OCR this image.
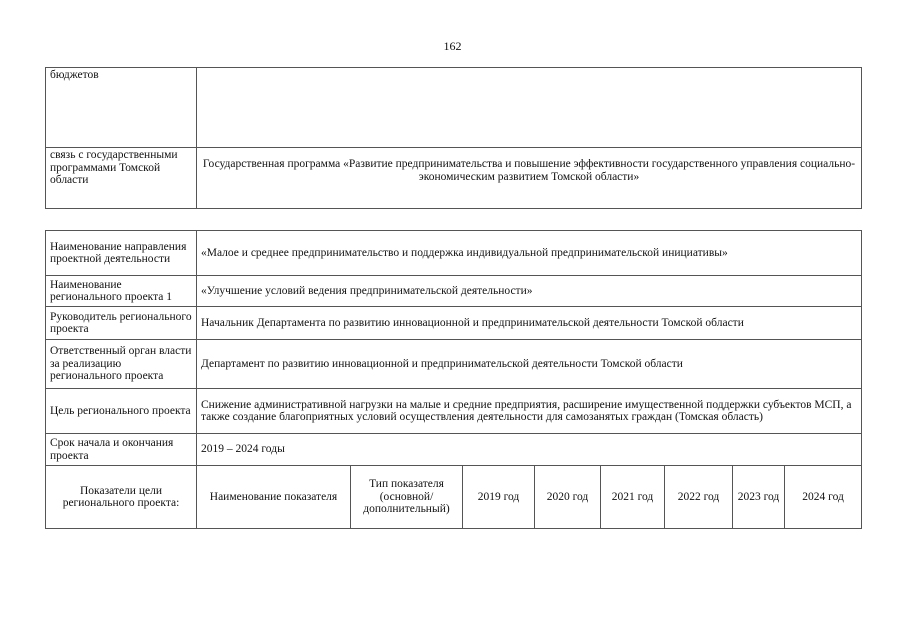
162
бюджетов	
связь с государственными программами Томской области	Государственная программа «Развитие предпринимательства и повышение эффективности государственного управления социально-экономическим развитием Томской области»
Наименование направления проектной деятельности	«Малое и среднее предпринимательство и поддержка индивидуальной предпринимательской инициативы»							
Наименование регионального проекта 1	«Улучшение условий ведения предпринимательской деятельности»							
Руководитель регионального проекта	Начальник Департамента по развитию инновационной и предпринимательской деятельности Томской области							
Ответственный орган власти за реализацию регионального проекта	Департамент по развитию инновационной и предпринимательской деятельности Томской области							
Цель регионального проекта	Снижение административной нагрузки на малые и средние предприятия, расширение имущественной поддержки субъектов МСП, а также создание благоприятных условий осуществления деятельности для самозанятых граждан (Томская область)							
Срок начала и окончания проекта	2019 – 2024 годы							
Показатели цели регионального проекта:	Наименование показателя	Тип показателя (основной/ дополнительный)	2019 год	2020 год	2021 год	2022 год	2023 год	2024 год
